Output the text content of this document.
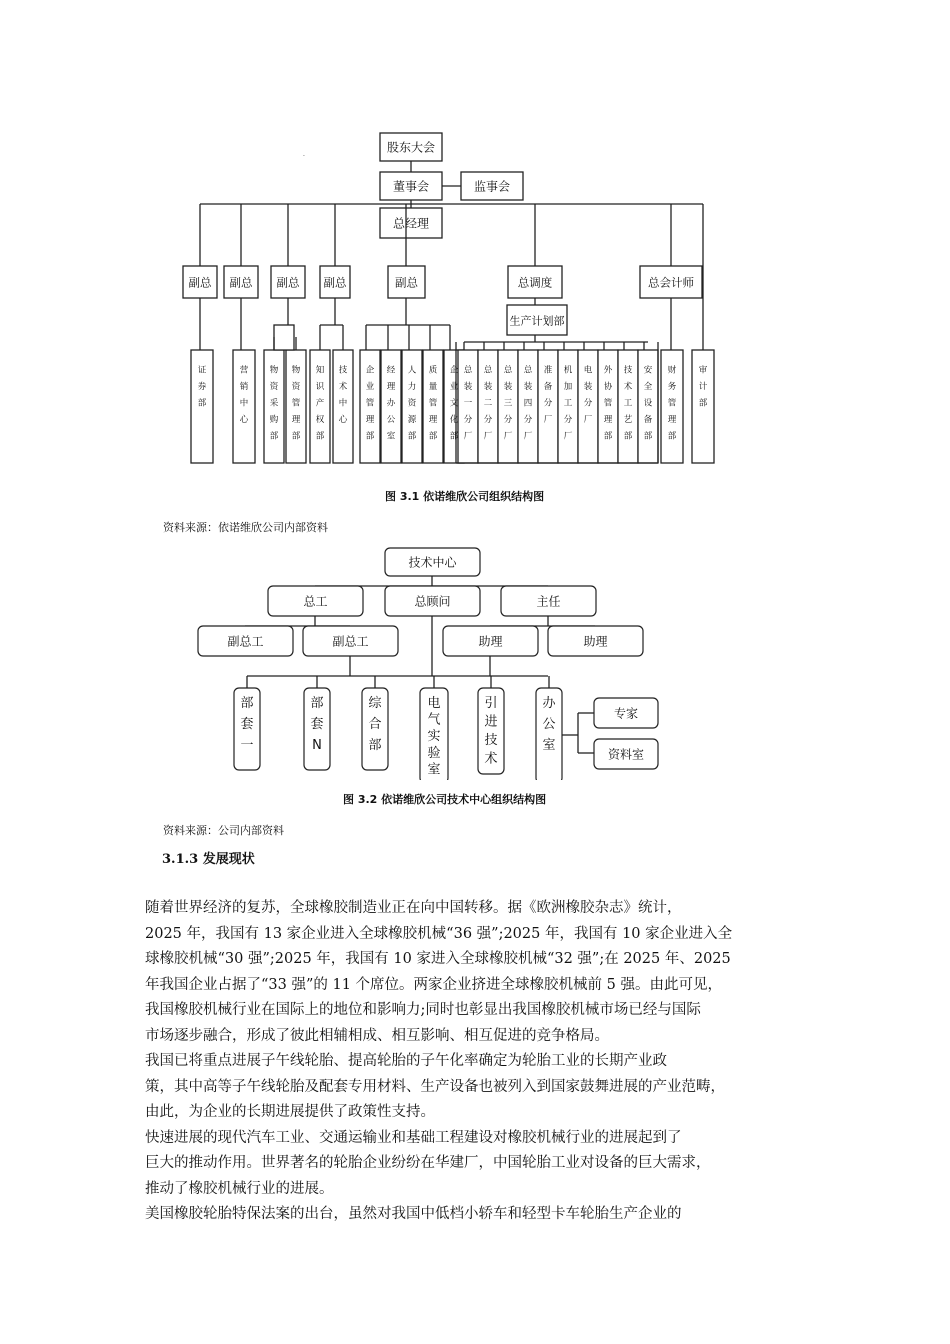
股东大会
董事会	监事会
总经理
副总 副总 副总 副总	副总	总调度	总会计师
生产计划部
证券部
营销中心
物资采购部
物资管理部
知识产权部
技术中心
企业管理部
经理办公室
人力资源部
质量管理部
企业文化部
总装一分厂
总装二分厂
总装三分厂
总装四分厂
准备分厂
机加工分厂
电装分厂
外协管理部
技术工艺部
安全设备部
财务管理部
审计部
·
图 3.1 依诺维欣公司组织结构图
资料来源：依诺维欣公司内部资料
技术中心
总工	总顾问	主任
副总工	副总工	助理	助理
部套一
部套 N
综合部
电气实验室
引进技术
办公室
专家
资料室
图 3.2 依诺维欣公司技术中心组织结构图
资料来源：公司内部资料
3.1.3 发展现状

随着世界经济的复苏，全球橡胶制造业正在向中国转移。据《欧洲橡胶杂志》统计，

2025 年，我国有 13 家企业进入全球橡胶机械“36 强”;2025 年，我国有 10 家企业进入全

球橡胶机械“30 强”;2025 年，我国有 10 家进入全球橡胶机械“32 强”;在 2025 年、2025

年我国企业占据了“33 强”的 11 个席位。两家企业挤进全球橡胶机械前 5 强。由此可见，

我国橡胶机械行业在国际上的地位和影响力;同时也彰显出我国橡胶机械市场已经与国际

市场逐步融合，形成了彼此相辅相成、相互影响、相互促进的竞争格局。

我国已将重点进展子午线轮胎、提高轮胎的子午化率确定为轮胎工业的长期产业政

策，其中高等子午线轮胎及配套专用材料、生产设备也被列入到国家鼓舞进展的产业范畴，

由此，为企业的长期进展提供了政策性支持。

快速进展的现代汽车工业、交通运输业和基础工程建设对橡胶机械行业的进展起到了

巨大的推动作用。世界著名的轮胎企业纷纷在华建厂，中国轮胎工业对设备的巨大需求，

推动了橡胶机械行业的进展。

美国橡胶轮胎特保法案的出台，虽然对我国中低档小轿车和轻型卡车轮胎生产企业的
